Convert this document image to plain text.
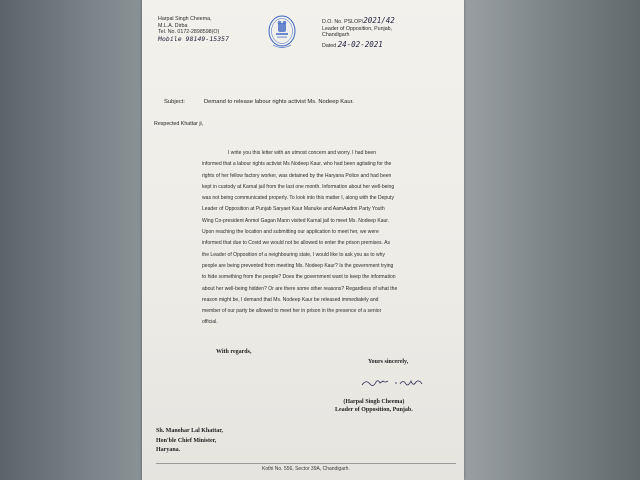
Harpal Singh Cheema,
M.L.A. Dirba
Tel. No. 0172-2898598(O)
Mobile 98149-15357
D.O. No. PSLOP/2021/42
Leader of Opposition, Punjab,
Chandigarh
Dated 24-02-2021
Subject:	Demand to release labour rights activist Ms. Nodeep Kaur.
Respected Khattar ji,
I write you this letter with an utmost concern and worry. I had been
informed that a labour rights activist Ms Nodeep Kaur, who had been agitating for the
rights of her fellow factory worker, was detained by the Haryana Police and had been
kept in custody at Karnal jail from the last one month. Information about her well-being
was not being communicated properly. To look into this matter I, along with the Deputy
Leader of Opposition at Punjab Saryaet Kaur Manuke and AamAadmi Party Youth
Wing Co-president Anmol Gagan Mann visited Karnal jail to meet Ms. Nodeep Kaur.
Upon reaching the location and submitting our application to meet her, we were
informed that due to Covid we would not be allowed to enter the prison premises. As
the Leader of Opposition of a neighbouring state, I would like to ask you as to why
people are being prevented from meeting Ms. Nodeep Kaur? Is the government trying
to hide something from the people? Does the government want to keep the information
about her well-being hidden? Or are there some other reasons? Regardless of what the
reason might be, I demand that Ms. Nodeep Kaur be released immediately and
member of our party be allowed to meet her in prison in the presence of a senior
official.
With regards,
Yours sincerely,
(Harpal Singh Cheema)
Leader of Opposition, Punjab.
Sh. Manohar Lal Khattar,
Hon'ble Chief Minister,
Haryana.
Kothi No. 556, Sector 39A, Chandigarh.
